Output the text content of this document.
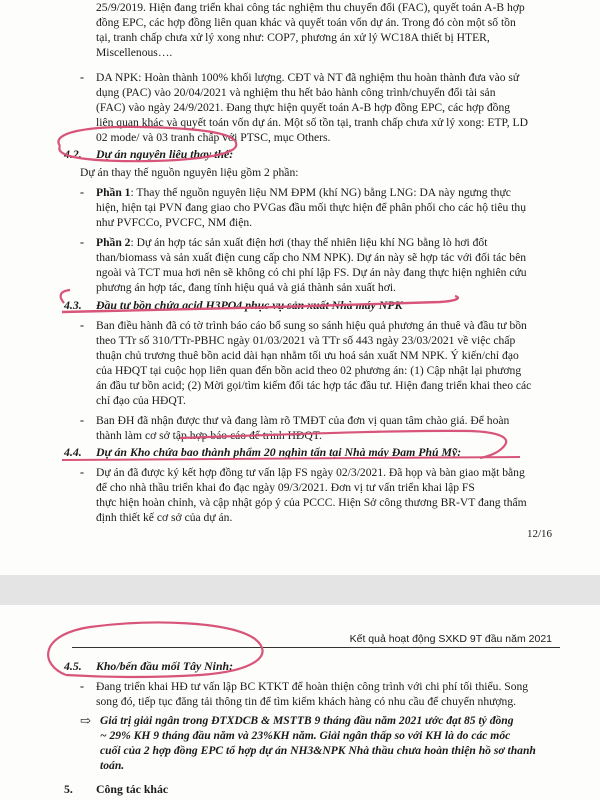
25/9/2019. Hiện đang triển khai công tác nghiệm thu chuyển đổi (FAC), quyết toán A-B hợp
đồng EPC, các hợp đồng liên quan khác và quyết toán vốn dự án. Trong đó còn một số tồn
tại, tranh chấp chưa xử lý xong như: COP7, phương án xử lý WC18A thiết bị HTER,
Miscellenous….
- DA NPK: Hoàn thành 100% khối lượng. CĐT và NT đã nghiệm thu hoàn thành đưa vào sử
dụng (PAC) vào 20/04/2021 và nghiệm thu hết bảo hành công trình/chuyển đổi tài sản
(FAC) vào ngày 24/9/2021. Đang thực hiện quyết toán A-B hợp đồng EPC, các hợp đồng
liên quan khác và quyết toán vốn dự án. Một số tồn tại, tranh chấp chưa xử lý xong: ETP, LD
02 mode/ và 03 tranh chấp với PTSC, mục Others.
4.2. Dự án nguyên liệu thay thế:
Dự án thay thế nguồn nguyên liệu gồm 2 phần:
- Phần 1: Thay thế nguồn nguyên liệu NM ĐPM (khí NG) bằng LNG: DA này ngưng thực
hiện, hiện tại PVN đang giao cho PVGas đầu mối thực hiện để phân phối cho các hộ tiêu thụ
như PVFCCo, PVCFC, NM điện.
- Phần 2: Dự án hợp tác sản xuất điện hơi (thay thế nhiên liệu khí NG bằng lò hơi đốt
than/biomass và sản xuất điện cung cấp cho NM NPK). Dự án này sẽ hợp tác với đối tác bên
ngoài và TCT mua hơi nên sẽ không có chi phí lập FS. Dự án này đang thực hiện nghiên cứu
phương án hợp tác, đang tính hiệu quả và giá thành sản xuất hơi.
4.3. Đầu tư bồn chứa acid H3PO4 phục vụ sản xuất Nhà máy NPK
- Ban điều hành đã có tờ trình báo cáo bổ sung so sánh hiệu quả phương án thuê và đầu tư bồn
theo TTr số 310/TTr-PBHC ngày 01/03/2021 và TTr số 443 ngày 23/03/2021 về việc chấp
thuận chủ trương thuê bồn acid dài hạn nhằm tối ưu hoá sản xuất NM NPK. Ý kiến/chỉ đạo
của HĐQT tại cuộc họp liên quan đến bồn acid theo 02 phương án: (1) Cập nhật lại phương
án đầu tư bồn acid; (2) Mời gọi/tìm kiếm đối tác hợp tác đầu tư. Hiện đang triển khai theo các
chỉ đạo của HĐQT.
- Ban ĐH đã nhận được thư và đang làm rõ TMĐT của đơn vị quan tâm chào giá. Để hoàn
thành làm cơ sở tập hợp báo cáo để trình HĐQT.
4.4. Dự án Kho chứa bao thành phẩm 20 nghìn tấn tại Nhà máy Đạm Phú Mỹ:
- Dự án đã được ký kết hợp đồng tư vấn lập FS ngày 02/3/2021. Đã họp và bàn giao mặt bằng
để cho nhà thầu triển khai đo đạc ngày 09/3/2021. Đơn vị tư vấn triển khai lập FS
thực hiện hoàn chỉnh, và cập nhật góp ý của PCCC. Hiện Sở công thương BR-VT đang thẩm
định thiết kế cơ sở của dự án.
12/16
Kết quả hoạt động SXKD 9T đầu năm 2021
4.5. Kho/bến đầu mối Tây Ninh:
- Đang triển khai HĐ tư vấn lập BC KTKT để hoàn thiện công trình với chi phí tối thiểu. Song
song đó, tiếp tục đăng tải thông tin để tìm kiếm khách hàng có nhu cầu để chuyển nhượng.
⇨ Giá trị giải ngân trong ĐTXDCB & MSTTB 9 tháng đầu năm 2021 ước đạt 85 tỷ đồng
~ 29% KH 9 tháng đầu năm và 23%KH năm. Giải ngân thấp so với KH là do các mốc
cuối của 2 hợp đồng EPC tổ hợp dự án NH3&NPK Nhà thầu chưa hoàn thiện hồ sơ thanh
toán.
5. Công tác khác
